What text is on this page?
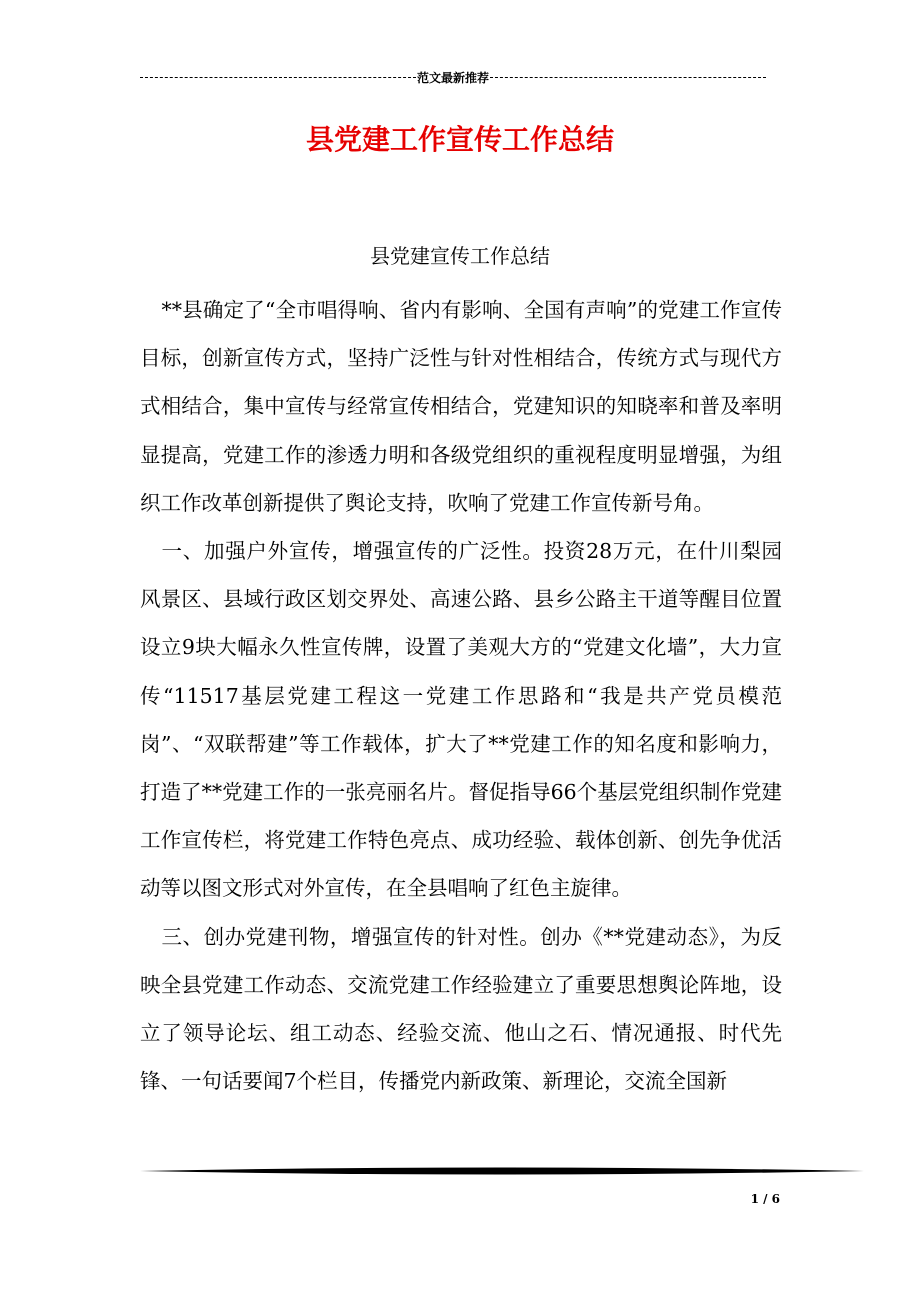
范文最新推荐
县党建工作宣传工作总结
县党建宣传工作总结

**县确定了“全市唱得响、省内有影响、全国有声响”的党建工作宣传目标，创新宣传方式，坚持广泛性与针对性相结合，传统方式与现代方式相结合，集中宣传与经常宣传相结合，党建知识的知晓率和普及率明显提高，党建工作的渗透力明和各级党组织的重视程度明显增强，为组织工作改革创新提供了舆论支持，吹响了党建工作宣传新号角。

一、加强户外宣传，增强宣传的广泛性。投资28万元，在什川梨园风景区、县域行政区划交界处、高速公路、县乡公路主干道等醒目位置设立9块大幅永久性宣传牌，设置了美观大方的“党建文化墙”，大力宣传“11517基层党建工程这一党建工作思路和“我是共产党员模范岗”、“双联帮建”等工作载体，扩大了**党建工作的知名度和影响力，打造了**党建工作的一张亮丽名片。督促指导66个基层党组织制作党建工作宣传栏，将党建工作特色亮点、成功经验、载体创新、创先争优活动等以图文形式对外宣传，在全县唱响了红色主旋律。

三、创办党建刊物，增强宣传的针对性。创办《**党建动态》，为反映全县党建工作动态、交流党建工作经验建立了重要思想舆论阵地，设立了领导论坛、组工动态、经验交流、他山之石、情况通报、时代先锋、一句话要闻7个栏目，传播党内新政策、新理论，交流全国新

1 / 6
